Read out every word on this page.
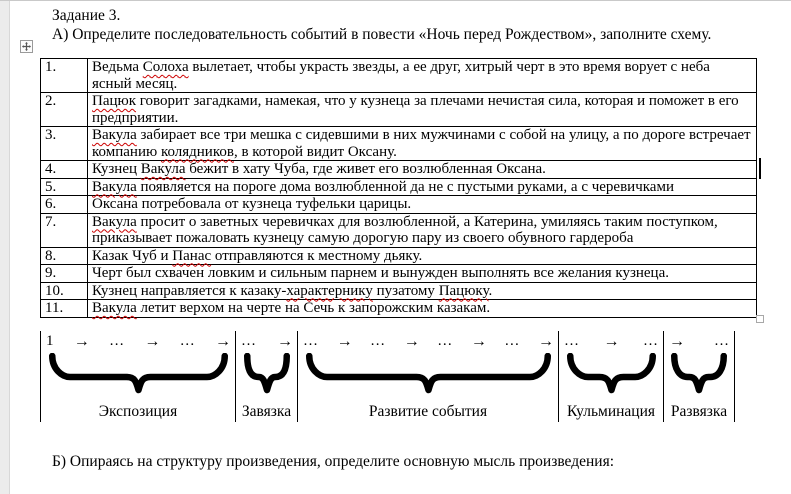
Задание 3.
А) Определите последовательность событий в повести «Ночь перед Рождеством», заполните схему.
1.	Ведьма Солоха вылетает, чтобы украсть звезды, а ее друг, хитрый черт в это время ворует с неба ясный месяц.
2.	Пацюк говорит загадками, намекая, что у кузнеца за плечами нечистая сила, которая и поможет в его предприятии.
3.	Вакула забирает все три мешка с сидевшими в них мужчинами с собой на улицу, а по дороге встречает компанию колядников, в которой видит Оксану.
4.	Кузнец Вакула бежит в хату Чуба, где живет его возлюбленная Оксана.
5.	Вакула появляется на пороге дома возлюбленной да не с пустыми руками, а с черевичками
6.	Оксана потребовала от кузнеца туфельки царицы.
7.	Вакула просит о заветных черевичках для возлюбленной, а Катерина, умиляясь таким поступком, приказывает пожаловать кузнецу самую дорогую пару из своего обувного гардероба
8.	Казак Чуб и Панас отправляются к местному дьяку.
9.	Черт был схвачен ловким и сильным парнем и вынужден выполнять все желания кузнеца.
10.	Кузнец направляется к казаку-характернику пузатому Пацюку.
11.	Вакула летит верхом на черте на Сечь к запорожским казакам.
1 → … → … →
Экспозиция
… →
Завязка
… → … → … → … →
Развитие события
… → …
Кульминация
→ …
Развязка
Б) Опираясь на структуру произведения, определите основную мысль произведения:
